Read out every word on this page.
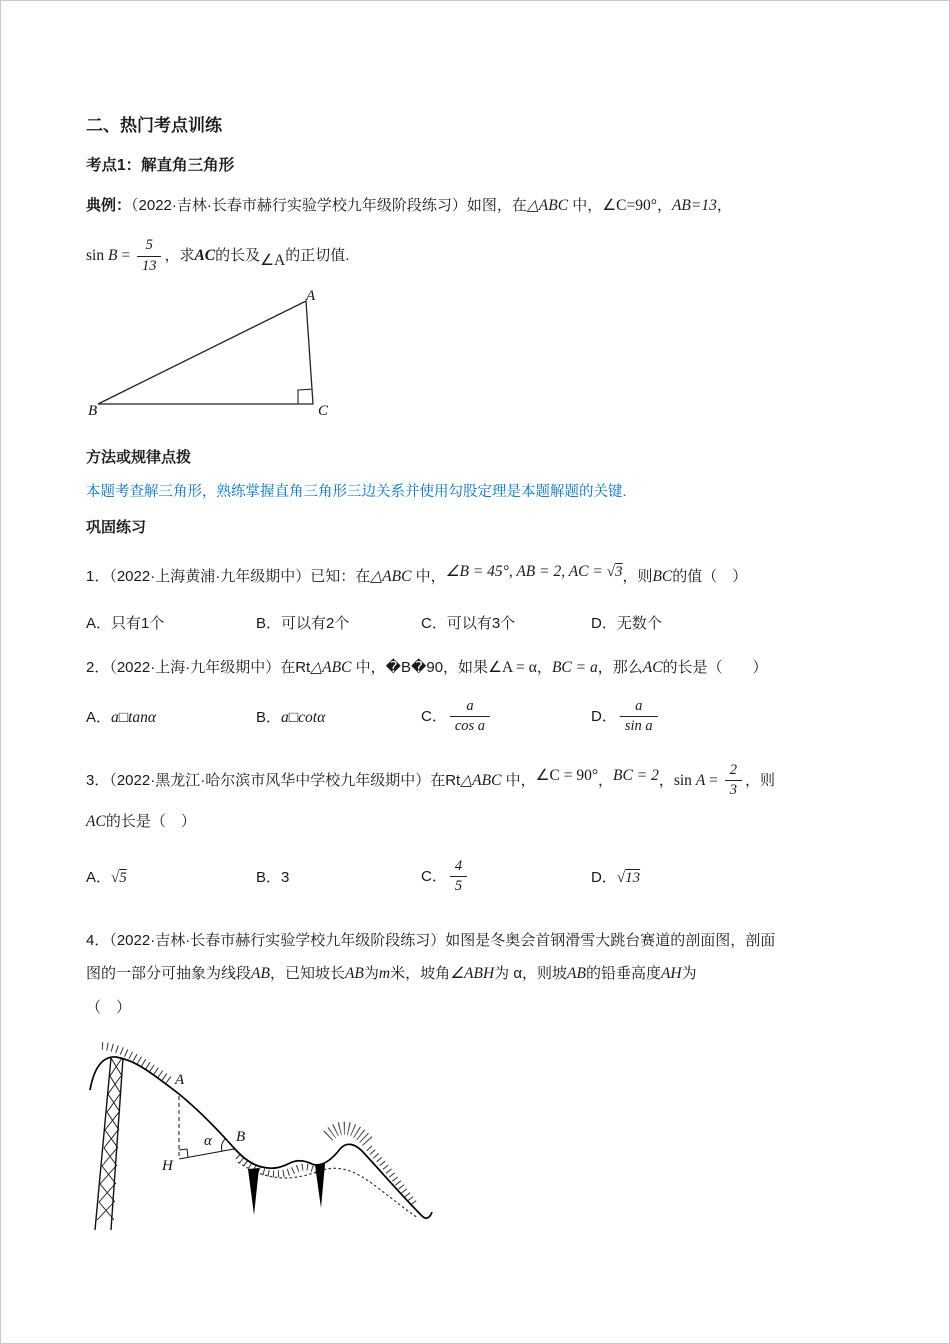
二、热门考点训练
考点1：解直角三角形

典例：（2022·吉林·长春市赫行实验学校九年级阶段练习）如图，在△ABC 中，∠C=90°，AB=13，

$\sin B = \frac{5}{13}$ ，求AC的长及∠A的正切值.

A
B	C
方法或规律点拨
本题考查解三角形，熟练掌握直角三角形三边关系并使用勾股定理是本题解题的关键.
巩固练习

1．（2022·上海黄浦·九年级期中）已知：在△ABC 中，∠B = 45°, AB = 2, AC = √3，则BC的值（　）

A．只有1个	B．可以有2个	C．可以有3个	D．无数个

2．（2022·上海·九年级期中）在Rt△ABC 中，�B�90，如果∠A = α，BC = a，那么AC的长是（　　）

A．a□tanα	B．a□cotα	C． $\frac{a}{\text{cos a}}$	D． $\frac{a}{\text{sin a}}$

3．（2022·黑龙江·哈尔滨市风华中学校九年级期中）在Rt△ABC 中，∠C = 90°，BC = 2，$\sin A = \frac{2}{3}$ ，则

AC的长是（　）

A．√5	B．3	C． $\frac{4}{5}$	D．√13

4．（2022·吉林·长春市赫行实验学校九年级阶段练习）如图是冬奥会首钢滑雪大跳台赛道的剖面图，剖面
图的一部分可抽象为线段AB，已知坡长AB为m米，坡角∠ABH为 α，则坡AB的铅垂高度AH为
（　）

A
α B
H
